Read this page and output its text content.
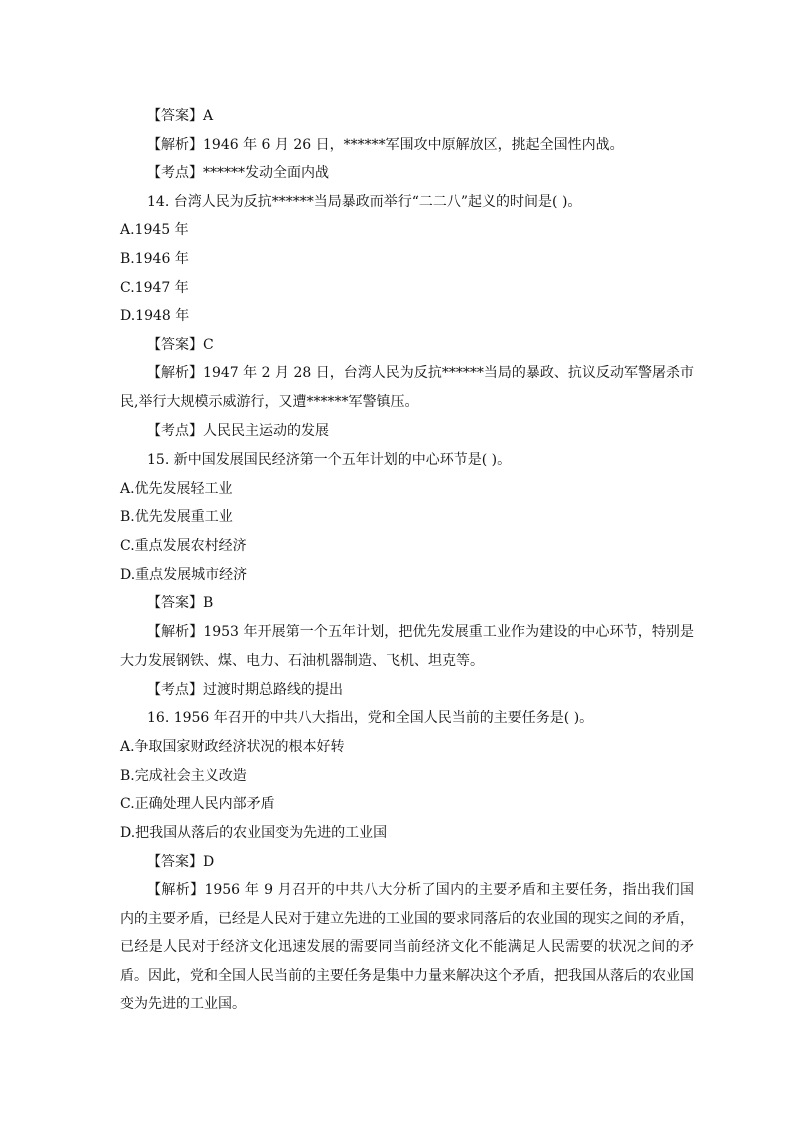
【答案】A
【解析】1946 年 6 月 26 日，******军围攻中原解放区，挑起全国性内战。
【考点】******发动全面内战
14. 台湾人民为反抗******当局暴政而举行“二二八”起义的时间是( )。
A.1945 年
B.1946 年
C.1947 年
D.1948 年
【答案】C
【解析】1947 年 2 月 28 日，台湾人民为反抗******当局的暴政、抗议反动军警屠杀市民,举行大规模示威游行，又遭******军警镇压。
【考点】人民民主运动的发展
15. 新中国发展国民经济第一个五年计划的中心环节是( )。
A.优先发展轻工业
B.优先发展重工业
C.重点发展农村经济
D.重点发展城市经济
【答案】B
【解析】1953 年开展第一个五年计划，把优先发展重工业作为建设的中心环节，特别是大力发展钢铁、煤、电力、石油机器制造、飞机、坦克等。
【考点】过渡时期总路线的提出
16. 1956 年召开的中共八大指出，党和全国人民当前的主要任务是( )。
A.争取国家财政经济状况的根本好转
B.完成社会主义改造
C.正确处理人民内部矛盾
D.把我国从落后的农业国变为先进的工业国
【答案】D
【解析】1956 年 9 月召开的中共八大分析了国内的主要矛盾和主要任务，指出我们国内的主要矛盾，已经是人民对于建立先进的工业国的要求同落后的农业国的现实之间的矛盾，已经是人民对于经济文化迅速发展的需要同当前经济文化不能满足人民需要的状况之间的矛盾。因此，党和全国人民当前的主要任务是集中力量来解决这个矛盾，把我国从落后的农业国变为先进的工业国。
